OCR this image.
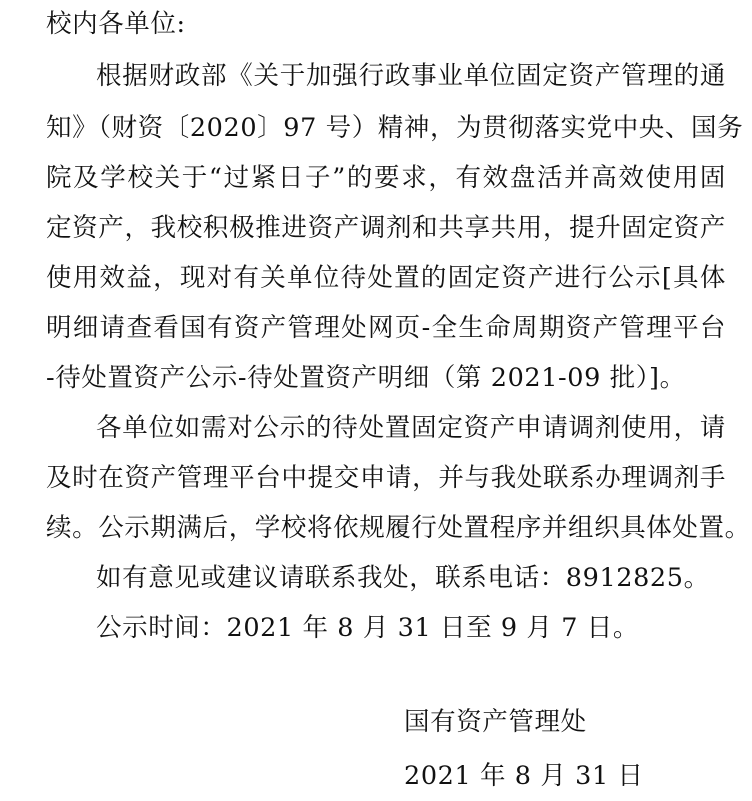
校内各单位:
根据财政部《关于加强行政事业单位固定资产管理的通
知》（财资〔2020〕97 号）精神，为贯彻落实党中央、国务
院及学校关于“过紧日子”的要求，有效盘活并高效使用固
定资产，我校积极推进资产调剂和共享共用，提升固定资产
使用效益，现对有关单位待处置的固定资产进行公示[具体
明细请查看国有资产管理处网页-全生命周期资产管理平台
-待处置资产公示-待处置资产明细（第 2021-09 批）]。
各单位如需对公示的待处置固定资产申请调剂使用，请
及时在资产管理平台中提交申请，并与我处联系办理调剂手
续。公示期满后，学校将依规履行处置程序并组织具体处置。
如有意见或建议请联系我处，联系电话：8912825。
公示时间：2021 年 8 月 31 日至 9 月 7 日。
国有资产管理处
2021 年 8 月 31 日
